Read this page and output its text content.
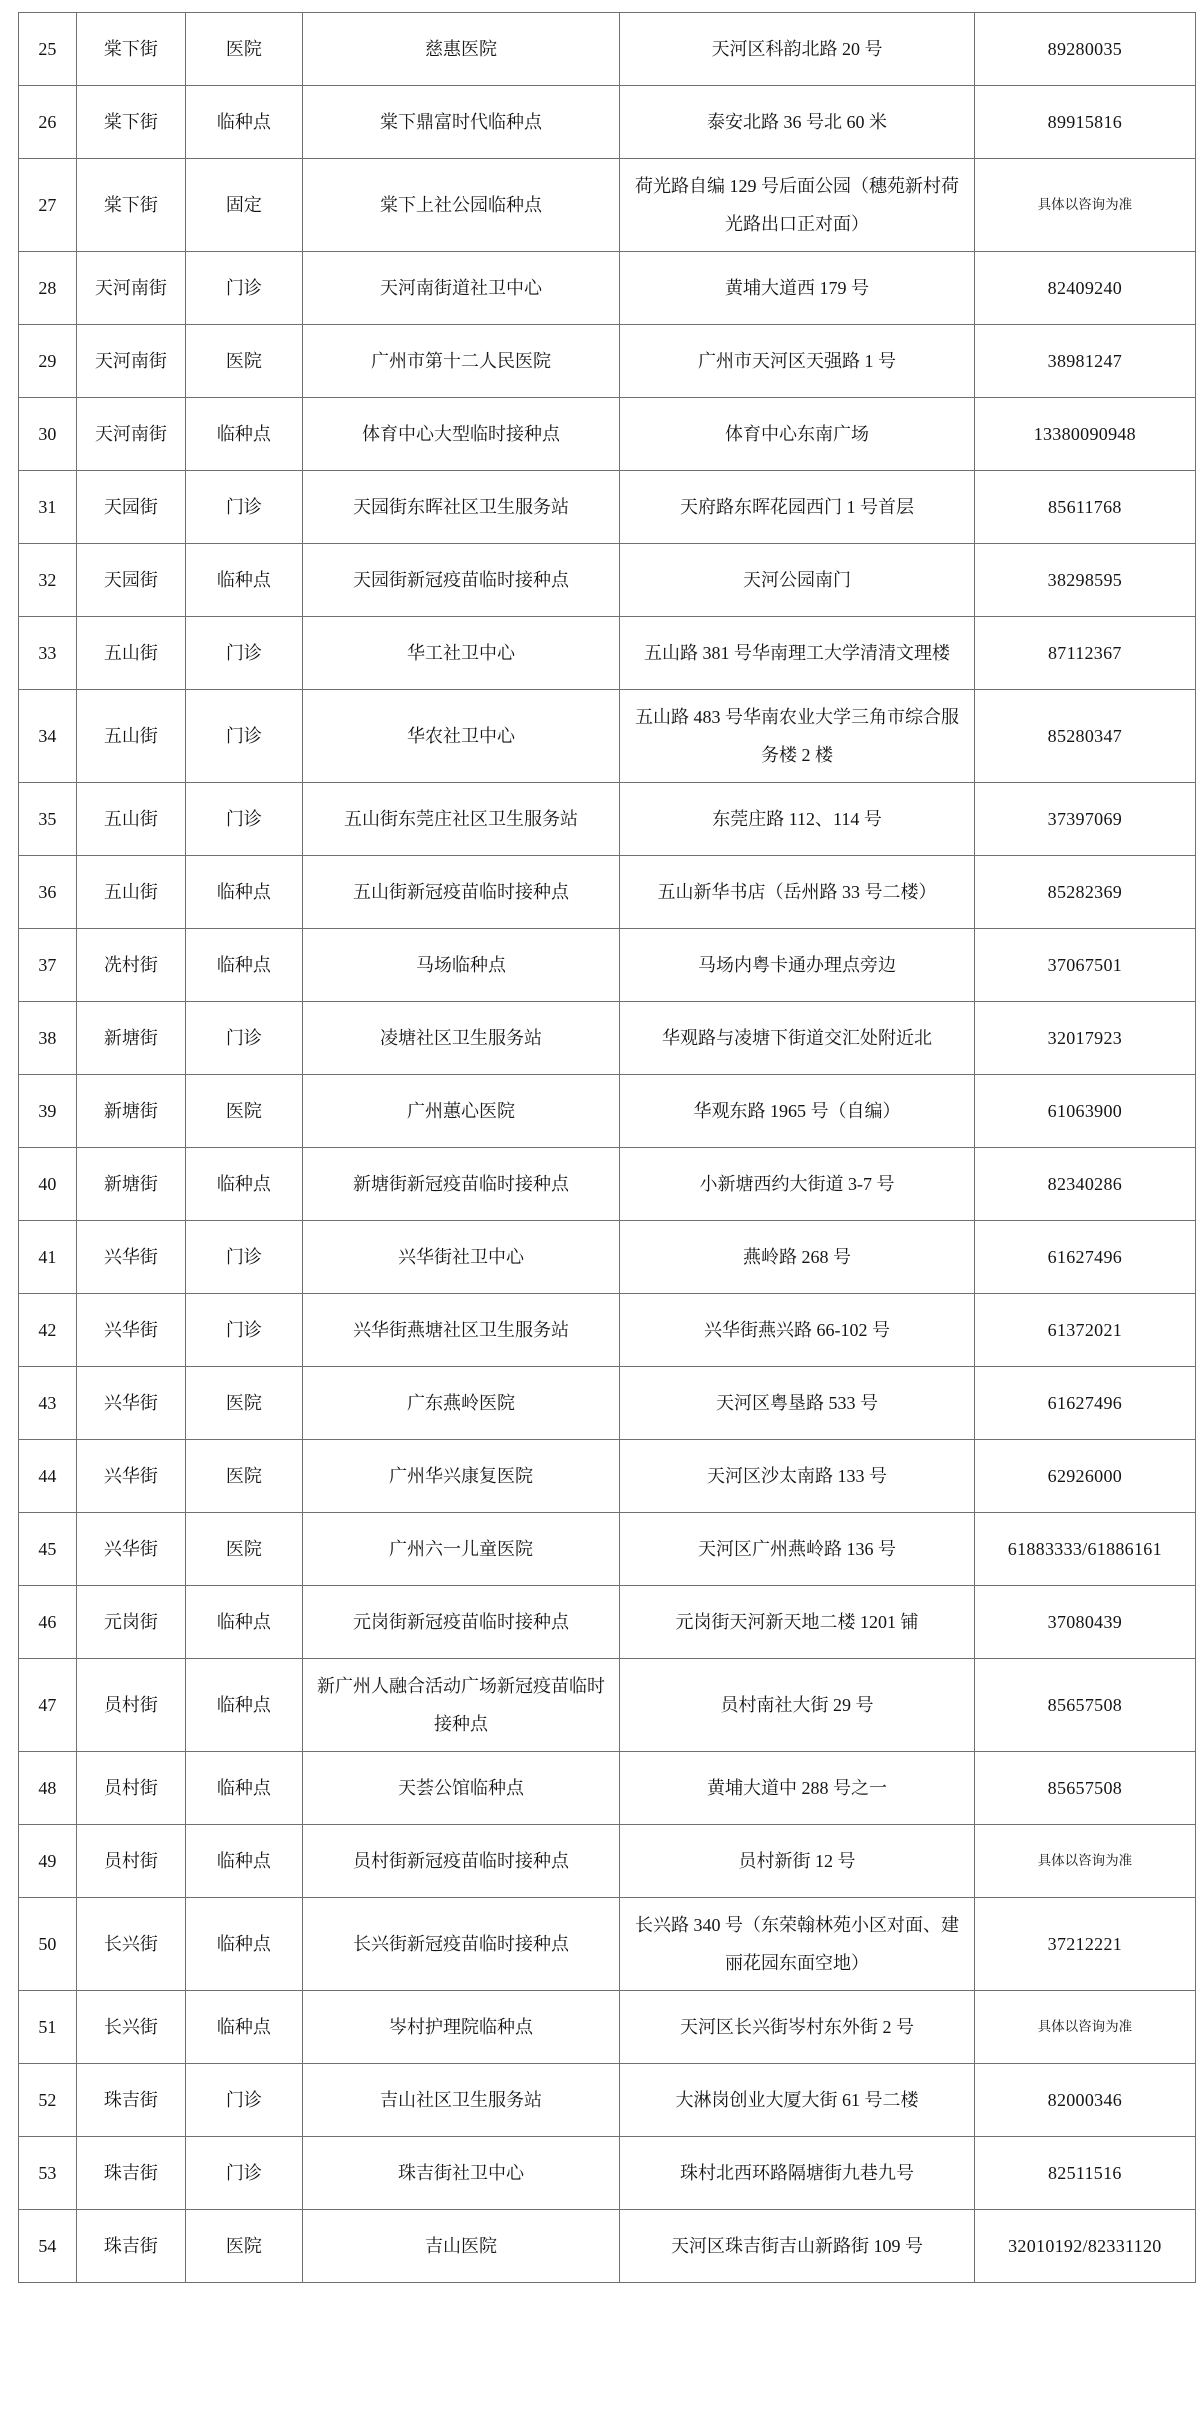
25	棠下街	医院	慈惠医院	天河区科韵北路 20 号	89280035
26	棠下街	临种点	棠下鼎富时代临种点	泰安北路 36 号北 60 米	89915816
27	棠下街	固定	棠下上社公园临种点	荷光路自编 129 号后面公园（穗苑新村荷光路出口正对面）	具体以咨询为准
28	天河南街	门诊	天河南街道社卫中心	黄埔大道西 179 号	82409240
29	天河南街	医院	广州市第十二人民医院	广州市天河区天强路 1 号	38981247
30	天河南街	临种点	体育中心大型临时接种点	体育中心东南广场	13380090948
31	天园街	门诊	天园街东晖社区卫生服务站	天府路东晖花园西门 1 号首层	85611768
32	天园街	临种点	天园街新冠疫苗临时接种点	天河公园南门	38298595
33	五山街	门诊	华工社卫中心	五山路 381 号华南理工大学清清文理楼	87112367
34	五山街	门诊	华农社卫中心	五山路 483 号华南农业大学三角市综合服务楼 2 楼	85280347
35	五山街	门诊	五山街东莞庄社区卫生服务站	东莞庄路 112、114 号	37397069
36	五山街	临种点	五山街新冠疫苗临时接种点	五山新华书店（岳州路 33 号二楼）	85282369
37	冼村街	临种点	马场临种点	马场内粤卡通办理点旁边	37067501
38	新塘街	门诊	凌塘社区卫生服务站	华观路与凌塘下街道交汇处附近北	32017923
39	新塘街	医院	广州蕙心医院	华观东路 1965 号（自编）	61063900
40	新塘街	临种点	新塘街新冠疫苗临时接种点	小新塘西约大街道 3-7 号	82340286
41	兴华街	门诊	兴华街社卫中心	燕岭路 268 号	61627496
42	兴华街	门诊	兴华街燕塘社区卫生服务站	兴华街燕兴路 66-102 号	61372021
43	兴华街	医院	广东燕岭医院	天河区粤垦路 533 号	61627496
44	兴华街	医院	广州华兴康复医院	天河区沙太南路 133 号	62926000
45	兴华街	医院	广州六一儿童医院	天河区广州燕岭路 136 号	61883333/61886161
46	元岗街	临种点	元岗街新冠疫苗临时接种点	元岗街天河新天地二楼 1201 铺	37080439
47	员村街	临种点	新广州人融合活动广场新冠疫苗临时接种点	员村南社大街 29 号	85657508
48	员村街	临种点	天荟公馆临种点	黄埔大道中 288 号之一	85657508
49	员村街	临种点	员村街新冠疫苗临时接种点	员村新街 12 号	具体以咨询为准
50	长兴街	临种点	长兴街新冠疫苗临时接种点	长兴路 340 号（东荣翰林苑小区对面、建丽花园东面空地）	37212221
51	长兴街	临种点	岑村护理院临种点	天河区长兴街岑村东外街 2 号	具体以咨询为准
52	珠吉街	门诊	吉山社区卫生服务站	大淋岗创业大厦大街 61 号二楼	82000346
53	珠吉街	门诊	珠吉街社卫中心	珠村北西环路隔塘街九巷九号	82511516
54	珠吉街	医院	吉山医院	天河区珠吉街吉山新路街 109 号	32010192/82331120
